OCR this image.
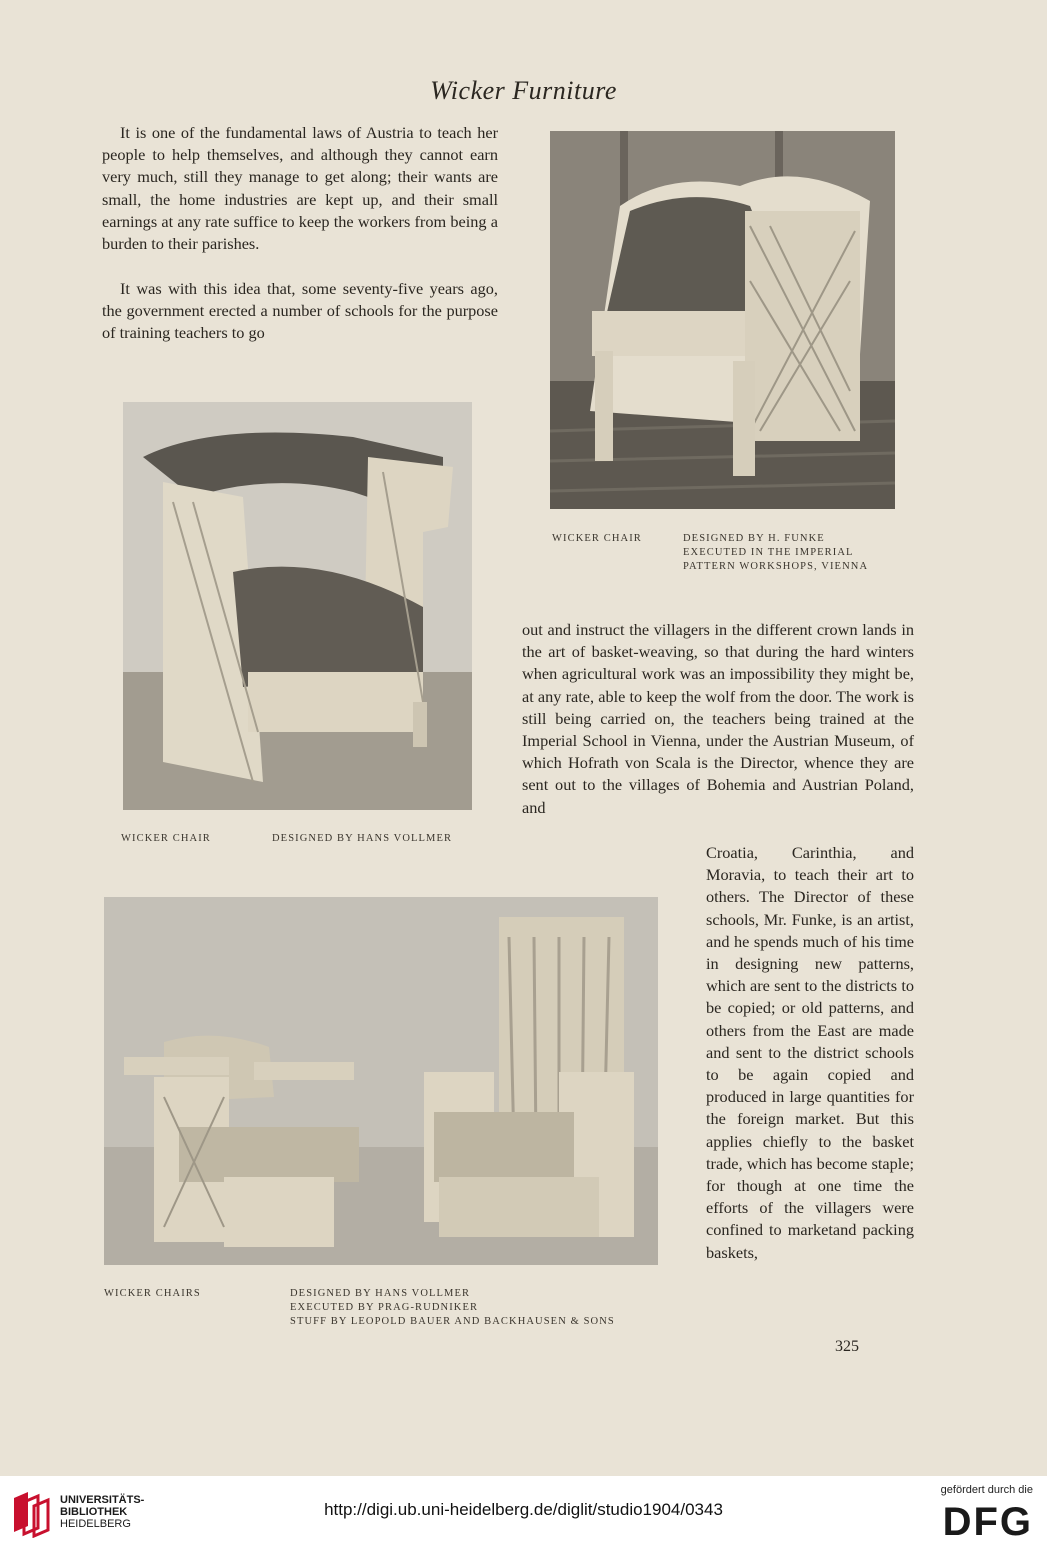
Wicker Furniture

It is one of the fundamental laws of Austria to teach her people to help themselves, and although they cannot earn very much, still they manage to get along; their wants are small, the home industries are kept up, and their small earnings at any rate suffice to keep the workers from being a burden to their parishes.

It was with this idea that, some seventy-five years ago, the government erected a number of schools for the purpose of training teachers to go

WICKER CHAIR	DESIGNED BY H. FUNKE
EXECUTED IN THE IMPERIAL
PATTERN WORKSHOPS, VIENNA
WICKER CHAIR	DESIGNED BY HANS VOLLMER

out and instruct the villagers in the different crown lands in the art of basket-weaving, so that during the hard winters when agricultural work was an impossibility they might be, at any rate, able to keep the wolf from the door. The work is still being carried on, the teachers being trained at the Imperial School in Vienna, under the Austrian Museum, of which Hofrath von Scala is the Director, whence they are sent out to the villages of Bohemia and Austrian Poland, and

Croatia, Carinthia, and Moravia, to teach their art to others. The Director of these schools, Mr. Funke, is an artist, and he spends much of his time in designing new patterns, which are sent to the districts to be copied; or old patterns, and others from the East are made and sent to the district schools to be again copied and produced in large quantities for the foreign market. But this applies chiefly to the basket trade, which has become staple; for though at one time the efforts of the villagers were confined to marketand packing baskets,

WICKER CHAIRS	DESIGNED BY HANS VOLLMER
EXECUTED BY PRAG-RUDNIKER
STUFF BY LEOPOLD BAUER AND BACKHAUSEN & SONS
325
UNIVERSITÄTS-
BIBLIOTHEK
HEIDELBERG
http://digi.ub.uni-heidelberg.de/diglit/studio1904/0343
gefördert durch die
DFG
